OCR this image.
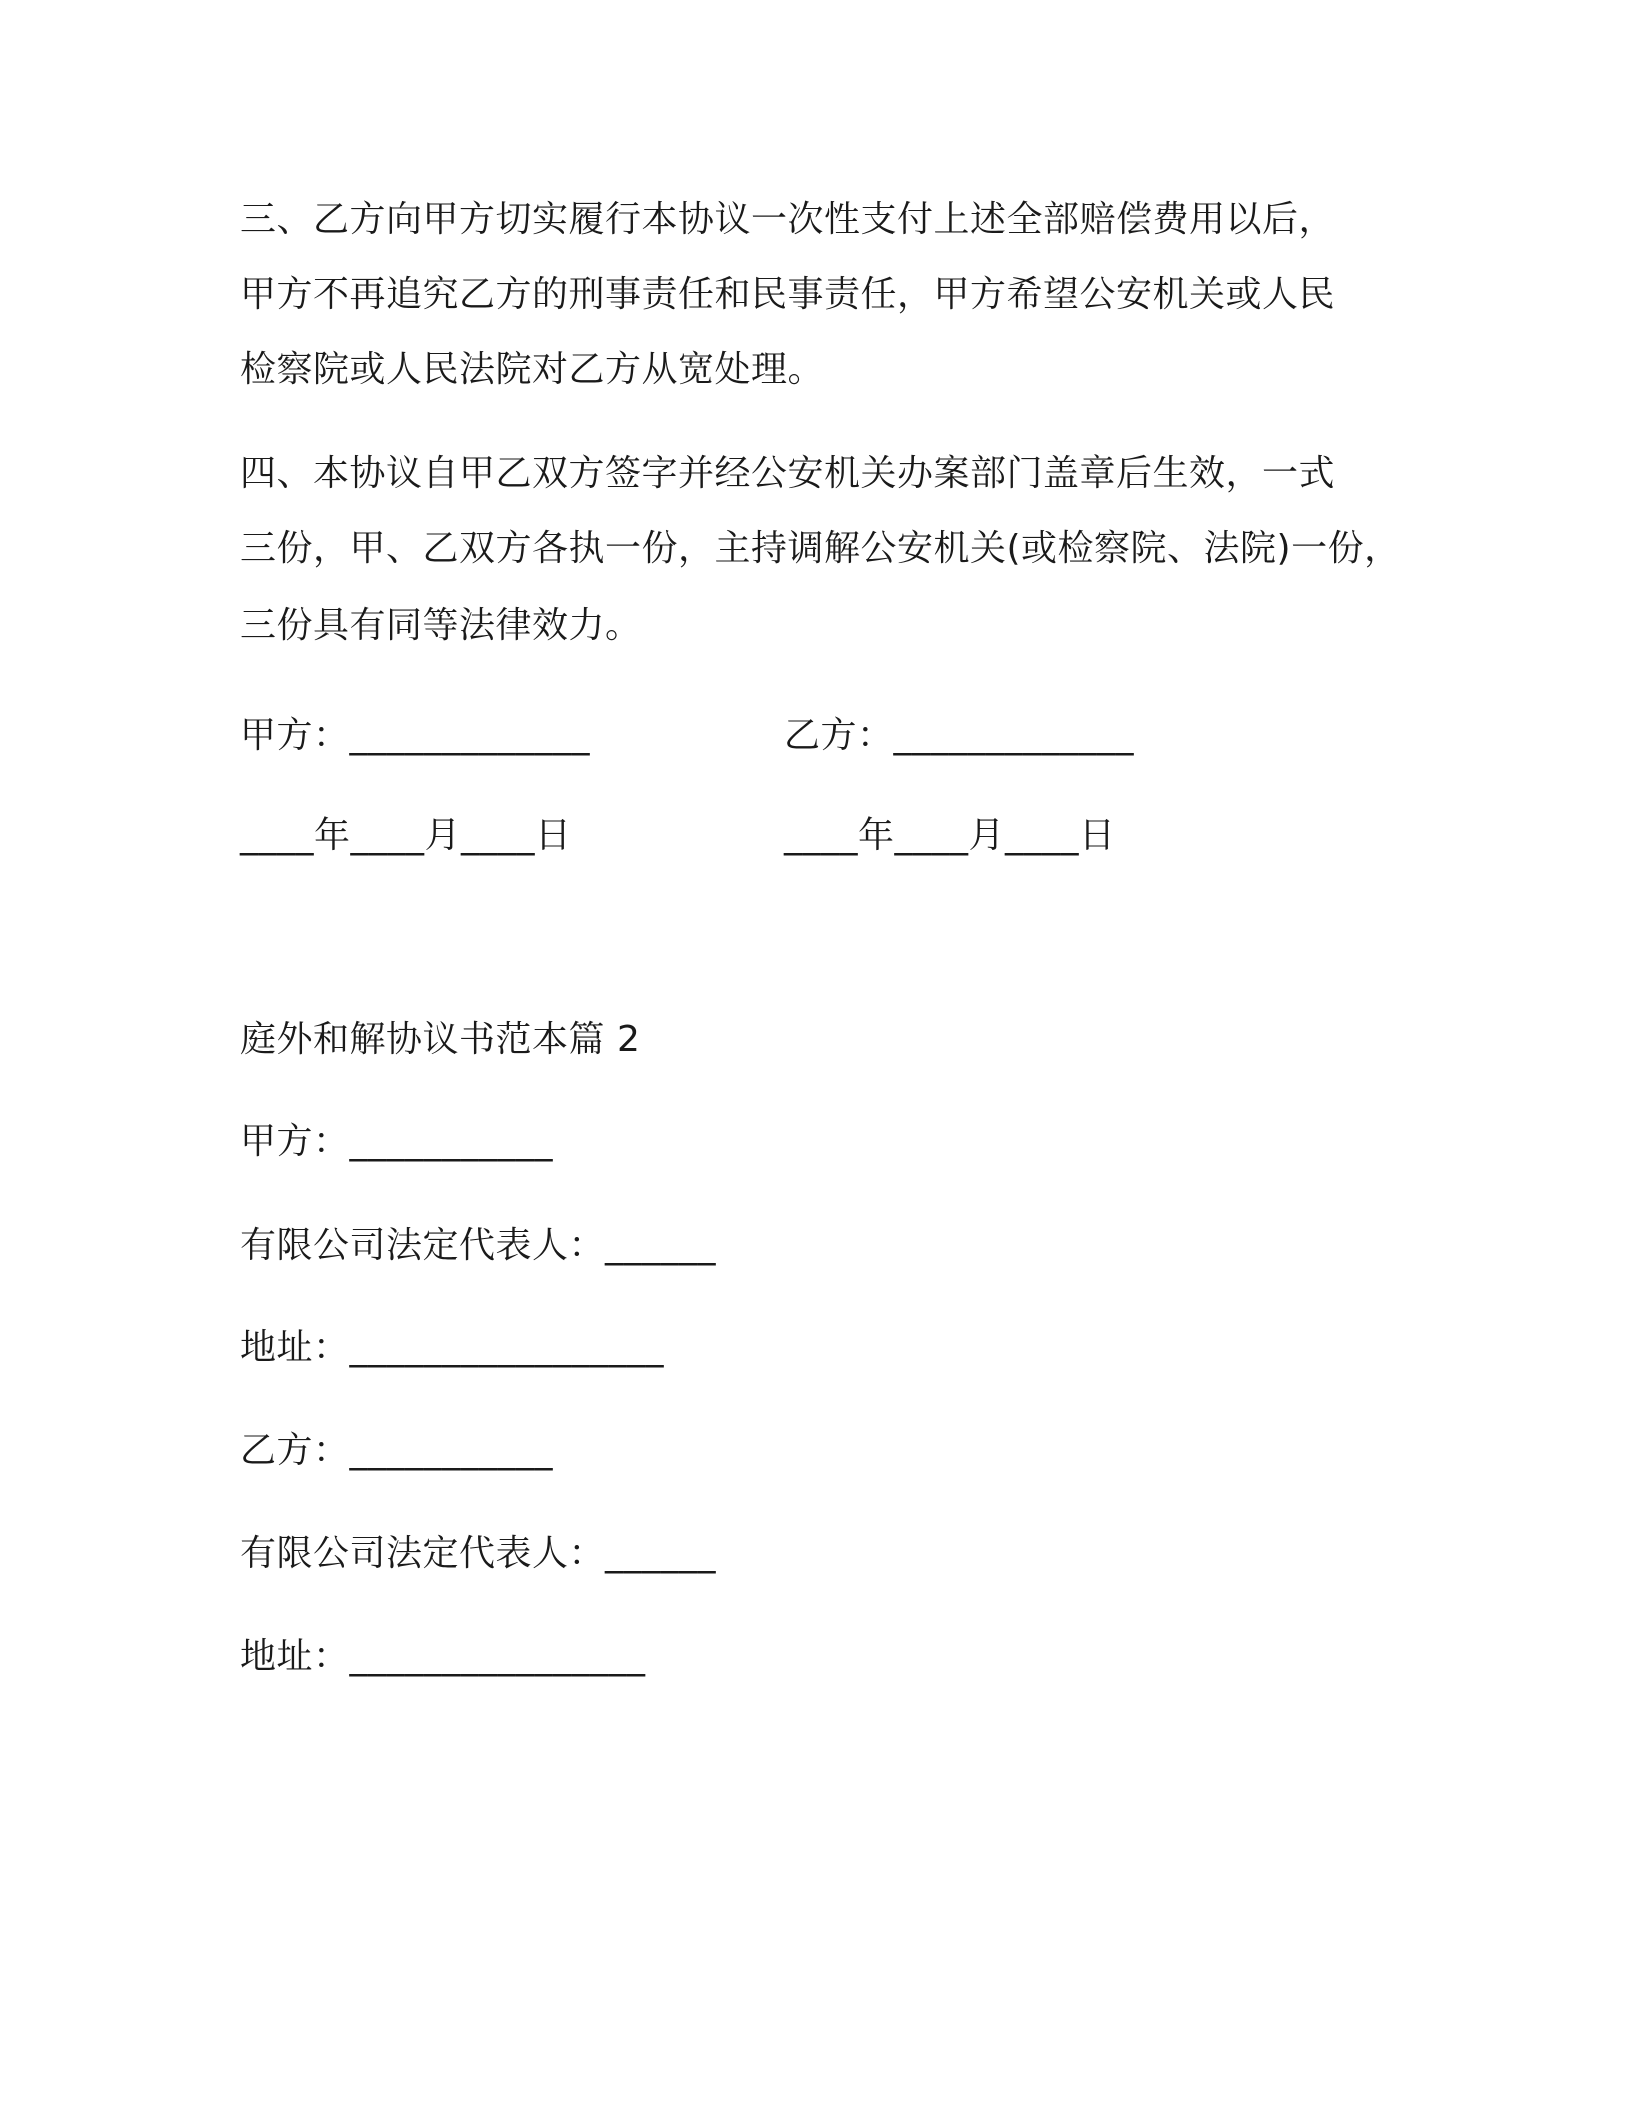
三、乙方向甲方切实履行本协议一次性支付上述全部赔偿费用以后，
甲方不再追究乙方的刑事责任和民事责任，甲方希望公安机关或人民
检察院或人民法院对乙方从宽处理。
四、本协议自甲乙双方签字并经公安机关办案部门盖章后生效，一式
三份，甲、乙双方各执一份，主持调解公安机关(或检察院、法院)一份，
三份具有同等法律效力。
甲方：_____________	乙方：_____________
____年____月____日	____年____月____日
庭外和解协议书范本篇 2
甲方：___________
有限公司法定代表人：______
地址：_________________
乙方：___________
有限公司法定代表人：______
地址：________________
